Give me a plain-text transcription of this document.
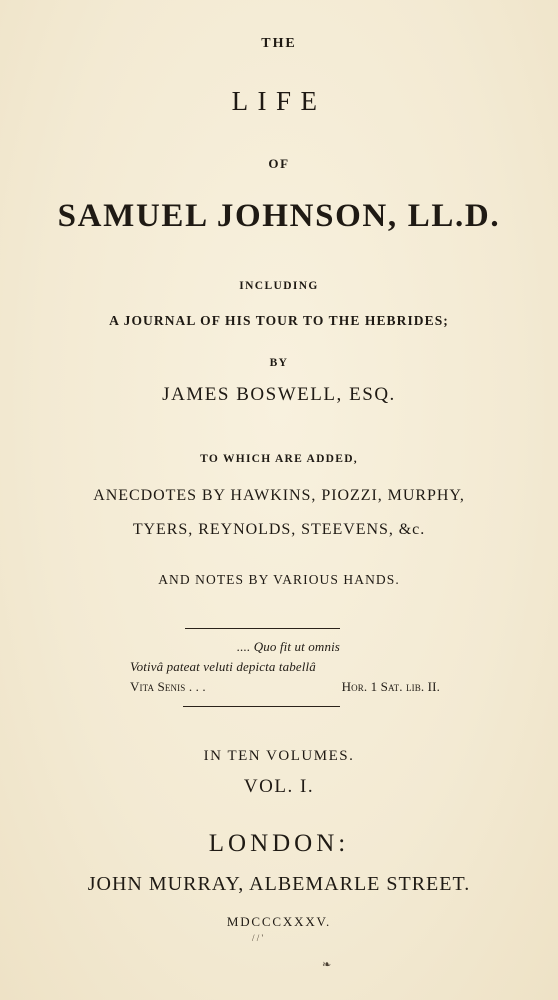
THE
LIFE
OF
SAMUEL JOHNSON, LL.D.
INCLUDING
A JOURNAL OF HIS TOUR TO THE HEBRIDES;
BY
JAMES BOSWELL, ESQ.
TO WHICH ARE ADDED,
ANECDOTES BY HAWKINS, PIOZZI, MURPHY,
TYERS, REYNOLDS, STEEVENS, &c.
AND NOTES BY VARIOUS HANDS.
.... Quo fit ut omnis
Votivâ pateat veluti depicta tabellâ
Vita Senis . . .	Hor. 1 Sat. lib. II.
IN TEN VOLUMES.
VOL. I.
LONDON:
JOHN MURRAY, ALBEMARLE STREET.
MDCCCXXXV.
/ / '
❧
